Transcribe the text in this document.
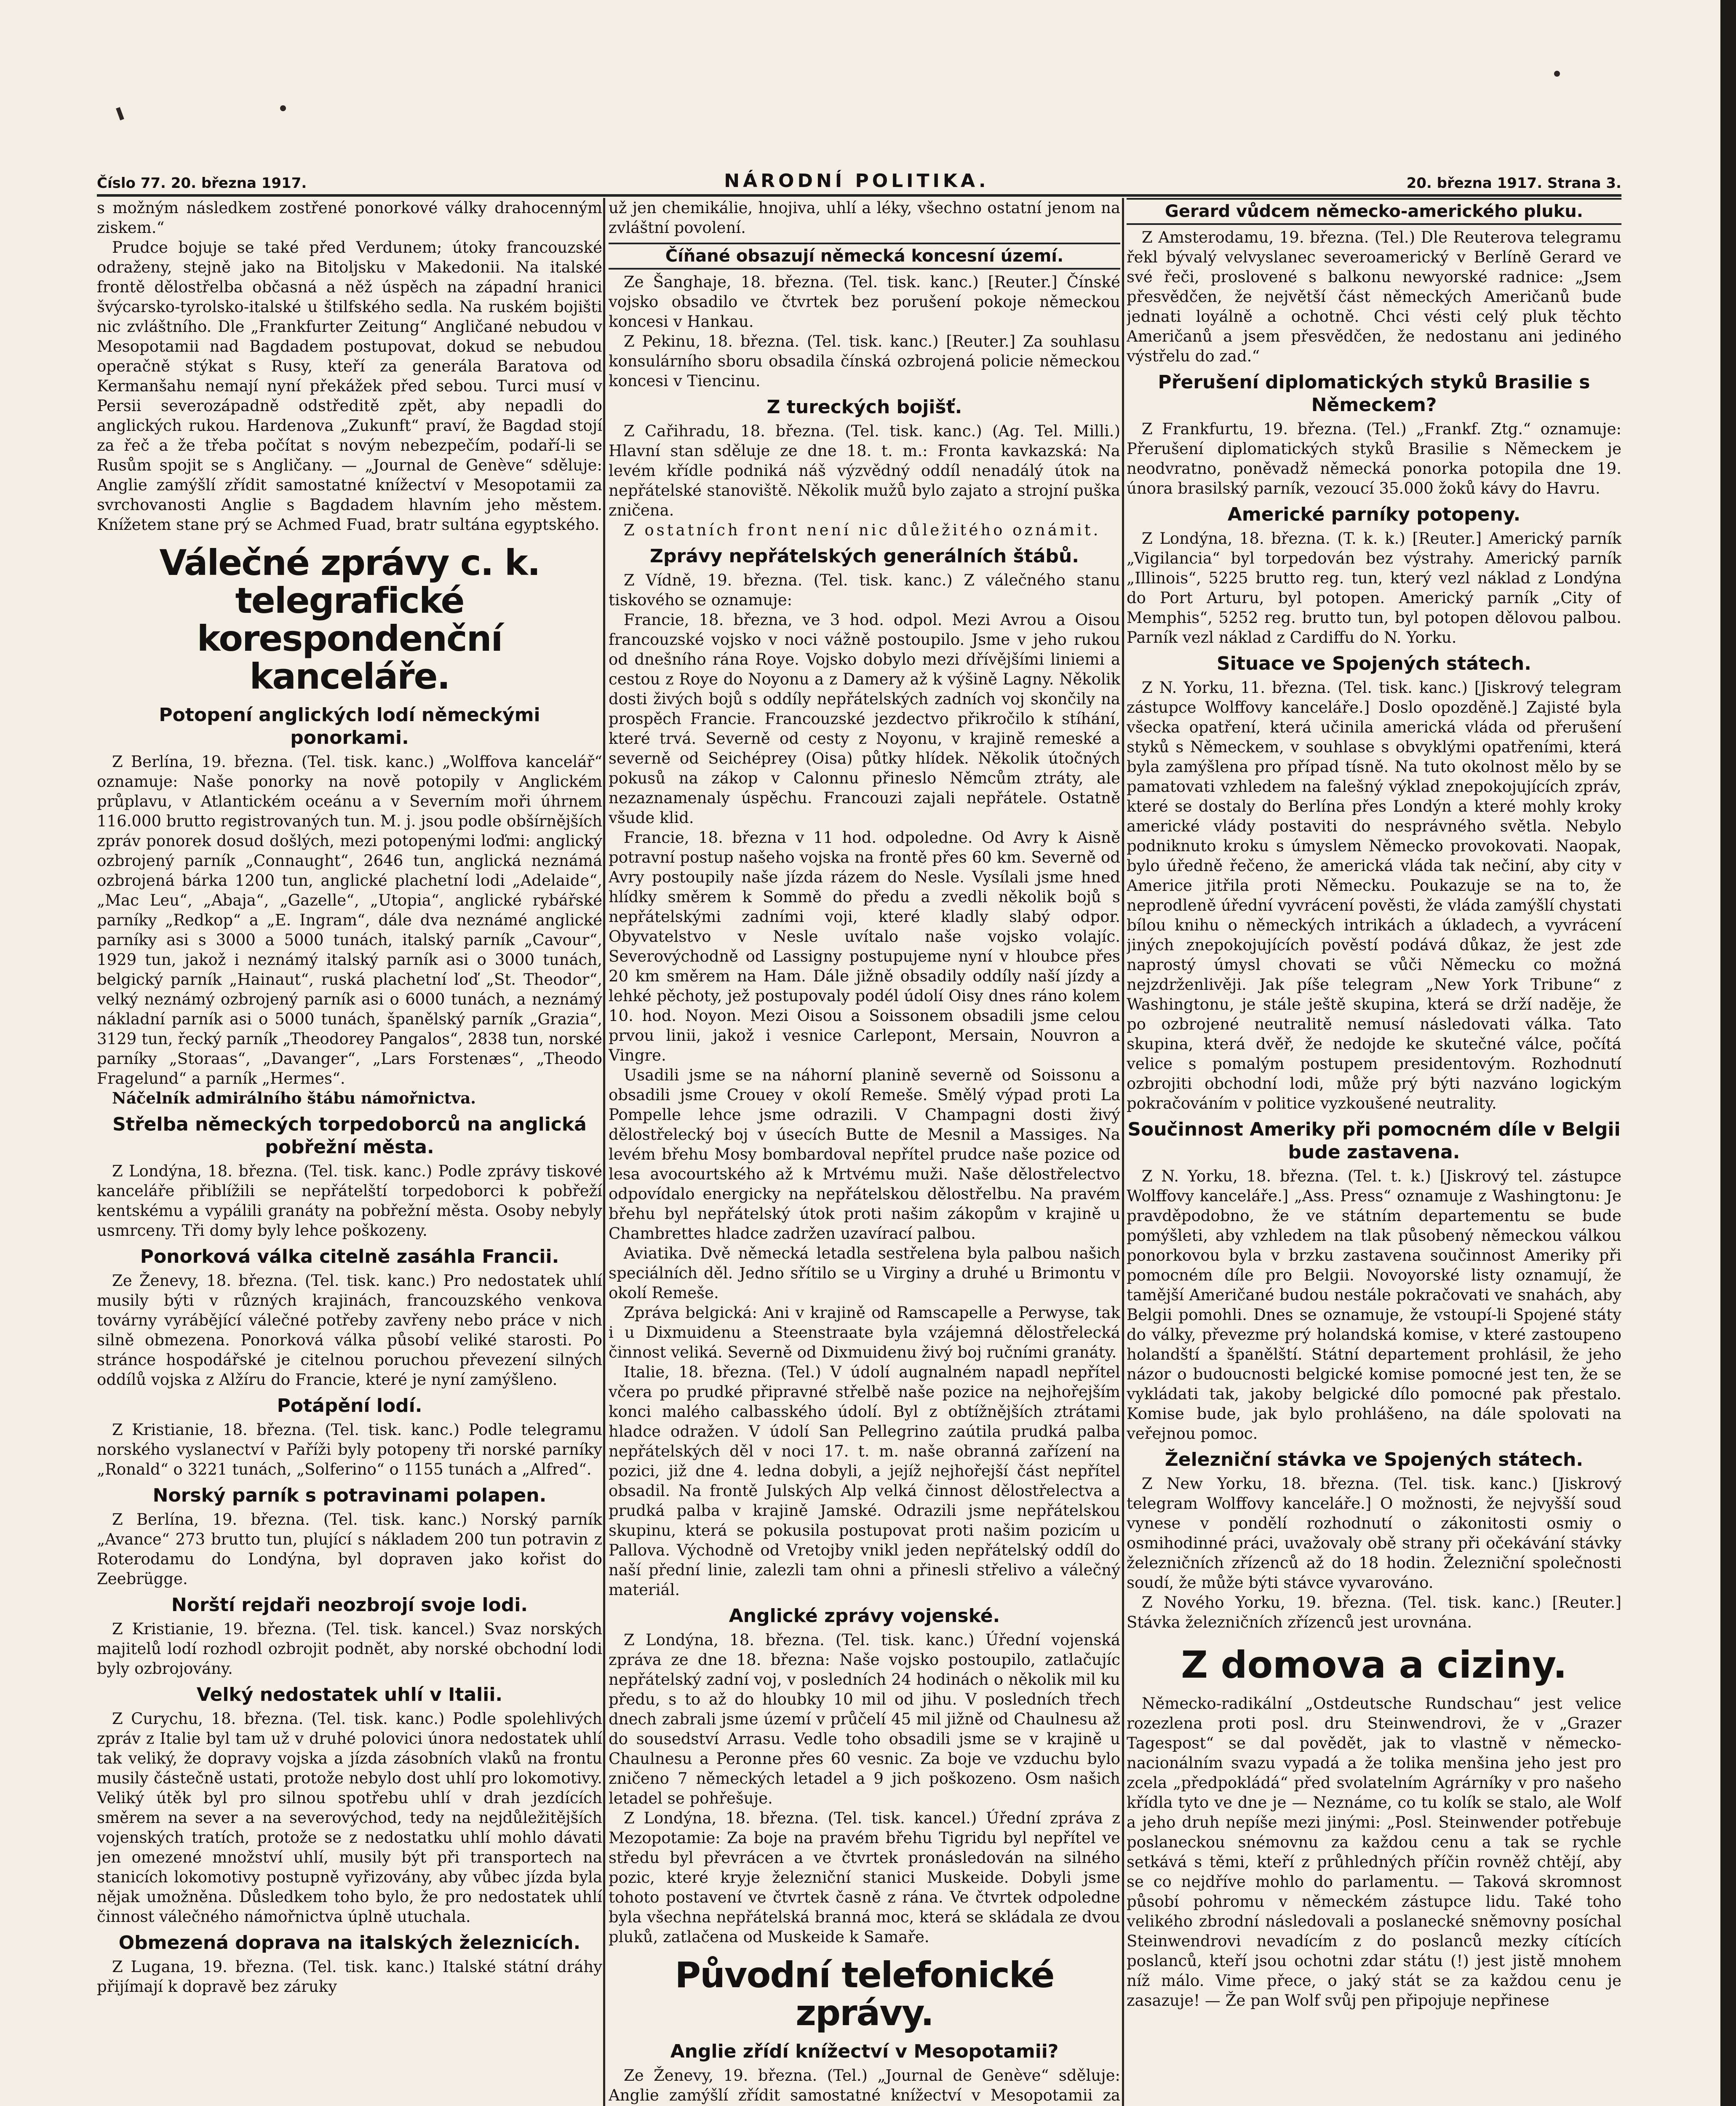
Číslo 77. 20. března 1917.	NÁRODNÍ POLITIKA.	20. března 1917. Strana 3.

s možným následkem zostřené ponorkové války drahocenným ziskem.“

Prudce bojuje se také před Verdunem; útoky francouzské odraženy, stejně jako na Bitoljsku v Makedonii. Na italské frontě dělostřelba občasná a něž úspěch na západní hranici švýcarsko-tyrolsko-italské u štilfského sedla. Na ruském bojišti nic zvláštního. Dle „Frankfurter Zeitung“ Angličané nebudou v Mesopotamii nad Bagdadem postupovat, dokud se nebudou operačně stýkat s Rusy, kteří za generála Baratova od Kermanšahu nemají nyní překážek před sebou. Turci musí v Persii severozápadně odstředitě zpět, aby nepadli do anglických rukou. Hardenova „Zukunft“ praví, že Bagdad stojí za řeč a že třeba počítat s novým nebezpečím, podaří-li se Rusům spojit se s Angličany. — „Journal de Genève“ sděluje: Anglie zamýšlí zřídit samostatné knížectví v Mesopotamii za svrchovanosti Anglie s Bagdadem hlavním jeho městem. Knížetem stane prý se Achmed Fuad, bratr sultána egyptského.

Válečné zprávy c. k. telegrafické korespondenční kanceláře.
Potopení anglických lodí německými ponorkami.

Z Berlína, 19. března. (Tel. tisk. kanc.) „Wolffova kancelář“ oznamuje: Naše ponorky na nově potopily v Anglickém průplavu, v Atlantickém oceánu a v Severním moři úhrnem 116.000 brutto registrovaných tun. M. j. jsou podle obšírnějších zpráv ponorek dosud došlých, mezi potopenými loďmi: anglický ozbrojený parník „Connaught“, 2646 tun, anglická neznámá ozbrojená bárka 1200 tun, anglické plachetní lodi „Adelaide“, „Mac Leu“, „Abaja“, „Gazelle“, „Utopia“, anglické rybářské parníky „Redkop“ a „E. Ingram“, dále dva neznámé anglické parníky asi s 3000 a 5000 tunách, italský parník „Cavour“, 1929 tun, jakož i neznámý italský parník asi o 3000 tunách, belgický parník „Hainaut“, ruská plachetní loď „St. Theodor“, velký neznámý ozbrojený parník asi o 6000 tunách, a neznámý nákladní parník asi o 5000 tunách, španělský parník „Grazia“, 3129 tun, řecký parník „Theodorey Pangalos“, 2838 tun, norské parníky „Storaas“, „Davanger“, „Lars Forstenæs“, „Theodo Fragelund“ a parník „Hermes“.

Náčelník admirálního štábu námořnictva.

Střelba německých torpedoborců na anglická pobřežní města.

Z Londýna, 18. března. (Tel. tisk. kanc.) Podle zprávy tiskové kanceláře přiblížili se nepřátelští torpedoborci k pobřeží kentskému a vypálili granáty na pobřežní města. Osoby nebyly usmrceny. Tři domy byly lehce poškozeny.

Ponorková válka citelně zasáhla Francii.

Ze Ženevy, 18. března. (Tel. tisk. kanc.) Pro nedostatek uhlí musily býti v různých krajinách, francouzského venkova továrny vyrábějící válečné potřeby zavřeny nebo práce v nich silně obmezena. Ponorková válka působí veliké starosti. Po stránce hospodářské je citelnou poruchou převezení silných oddílů vojska z Alžíru do Francie, které je nyní zamýšleno.

Potápění lodí.

Z Kristianie, 18. března. (Tel. tisk. kanc.) Podle telegramu norského vyslanectví v Paříži byly potopeny tři norské parníky „Ronald“ o 3221 tunách, „Solferino“ o 1155 tunách a „Alfred“.

Norský parník s potravinami polapen.

Z Berlína, 19. března. (Tel. tisk. kanc.) Norský parník „Avance“ 273 brutto tun, plující s nákladem 200 tun potravin z Roterodamu do Londýna, byl dopraven jako kořist do Zeebrügge.

Norští rejdaři neozbrojí svoje lodi.

Z Kristianie, 19. března. (Tel. tisk. kancel.) Svaz norských majitelů lodí rozhodl ozbrojit podnět, aby norské obchodní lodi byly ozbrojovány.

Velký nedostatek uhlí v Italii.

Z Curychu, 18. března. (Tel. tisk. kanc.) Podle spolehlivých zpráv z Italie byl tam už v druhé polovici února nedostatek uhlí tak veliký, že dopravy vojska a jízda zásobních vlaků na frontu musily částečně ustati, protože nebylo dost uhlí pro lokomotivy. Veliký útěk byl pro silnou spotřebu uhlí v drah jezdících směrem na sever a na severovýchod, tedy na nejdůležitějších vojenských tratích, protože se z nedostatku uhlí mohlo dávati jen omezené množství uhlí, musily být při transportech na stanicích lokomotivy postupně vyřizovány, aby vůbec jízda byla nějak umožněna. Důsledkem toho bylo, že pro nedostatek uhlí činnost válečného námořnictva úplně utuchala.

Obmezená doprava na italských železnicích.

Z Lugana, 19. března. (Tel. tisk. kanc.) Italské státní dráhy přijímají k dopravě bez záruky

už jen chemikálie, hnojiva, uhlí a léky, všechno ostatní jenom na zvláštní povolení.

Číňané obsazují německá koncesní území.

Ze Šanghaje, 18. března. (Tel. tisk. kanc.) [Reuter.] Čínské vojsko obsadilo ve čtvrtek bez porušení pokoje německou koncesi v Hankau.

Z Pekinu, 18. března. (Tel. tisk. kanc.) [Reuter.] Za souhlasu konsulárního sboru obsadila čínská ozbrojená policie německou koncesi v Tiencinu.

Z tureckých bojišť.

Z Cařihradu, 18. března. (Tel. tisk. kanc.) (Ag. Tel. Milli.) Hlavní stan sděluje ze dne 18. t. m.: Fronta kavkazská: Na levém křídle podniká náš výzvědný oddíl nenadálý útok na nepřátelské stanoviště. Několik mužů bylo zajato a strojní puška zničena.

Z ostatních front není nic důležitého oznámit.

Zprávy nepřátelských generálních štábů.

Z Vídně, 19. března. (Tel. tisk. kanc.) Z válečného stanu tiskového se oznamuje:

Francie, 18. března, ve 3 hod. odpol. Mezi Avrou a Oisou francouzské vojsko v noci vážně postoupilo. Jsme v jeho rukou od dnešního rána Roye. Vojsko dobylo mezi dřívějšími liniemi a cestou z Roye do Noyonu a z Damery až k výšině Lagny. Několik dosti živých bojů s oddíly nepřátelských zadních voj skončily na prospěch Francie. Francouzské jezdectvo přikročilo k stíhání, které trvá. Severně od cesty z Noyonu, v krajině remeské a severně od Seichéprey (Oisa) půtky hlídek. Několik útočných pokusů na zákop v Calonnu přineslo Němcům ztráty, ale nezaznamenaly úspěchu. Francouzi zajali nepřátele. Ostatně všude klid.

Francie, 18. března v 11 hod. odpoledne. Od Avry k Aisně potravní postup našeho vojska na frontě přes 60 km. Severně od Avry postoupily naše jízda rázem do Nesle. Vysílali jsme hned hlídky směrem k Sommě do předu a zvedli několik bojů s nepřátelskými zadními voji, které kladly slabý odpor. Obyvatelstvo v Nesle uvítalo naše vojsko volajíc. Severovýchodně od Lassigny postupujeme nyní v hloubce přes 20 km směrem na Ham. Dále jižně obsadily oddíly naší jízdy a lehké pěchoty, jež postupovaly podél údolí Oisy dnes ráno kolem 10. hod. Noyon. Mezi Oisou a Soissonem obsadili jsme celou prvou linii, jakož i vesnice Carlepont, Mersain, Nouvron a Vingre.

Usadili jsme se na náhorní planině severně od Soissonu a obsadili jsme Crouey v okolí Remeše. Smělý výpad proti La Pompelle lehce jsme odrazili. V Champagni dosti živý dělostřelecký boj v úsecích Butte de Mesnil a Massiges. Na levém břehu Mosy bombardoval nepřítel prudce naše pozice od lesa avocourtského až k Mrtvému muži. Naše dělostřelectvo odpovídalo energicky na nepřátelskou dělostřelbu. Na pravém břehu byl nepřátelský útok proti našim zákopům v krajině u Chambrettes hladce zadržen uzavírací palbou.

Aviatika. Dvě německá letadla sestřelena byla palbou našich speciálních děl. Jedno sřítilo se u Virginy a druhé u Brimontu v okolí Remeše.

Zpráva belgická: Ani v krajině od Ramscapelle a Perwyse, tak i u Dixmuidenu a Steenstraate byla vzájemná dělostřelecká činnost veliká. Severně od Dixmuidenu živý boj ručními granáty.

Italie, 18. března. (Tel.) V údolí augnalném napadl nepřítel včera po prudké připravné střelbě naše pozice na nejhořejším konci malého calbasského údolí. Byl z obtížnějších ztrátami hladce odražen. V údolí San Pellegrino zaútila prudká palba nepřátelských děl v noci 17. t. m. naše obranná zařízení na pozici, již dne 4. ledna dobyli, a jejíž nejhořejší část nepřítel obsadil. Na frontě Julských Alp velká činnost dělostřelectva a prudká palba v krajině Jamské. Odrazili jsme nepřátelskou skupinu, která se pokusila postupovat proti našim pozicím u Pallova. Východně od Vretojby vnikl jeden nepřátelský oddíl do naší přední linie, zalezli tam ohni a přinesli střelivo a válečný materiál.

Anglické zprávy vojenské.

Z Londýna, 18. března. (Tel. tisk. kanc.) Úřední vojenská zpráva ze dne 18. března: Naše vojsko postoupilo, zatlačujíc nepřátelský zadní voj, v posledních 24 hodinách o několik mil ku předu, s to až do hloubky 10 mil od jihu. V posledních třech dnech zabrali jsme území v průčelí 45 mil jižně od Chaulnesu až do sousedství Arrasu. Vedle toho obsadili jsme se v krajině u Chaulnesu a Peronne přes 60 vesnic. Za boje ve vzduchu bylo zničeno 7 německých letadel a 9 jich poškozeno. Osm našich letadel se pohřešuje.

Z Londýna, 18. března. (Tel. tisk. kancel.) Úřední zpráva z Mezopotamie: Za boje na pravém břehu Tigridu byl nepřítel ve středu byl převrácen a ve čtvrtek pronásledován na silného pozic, které kryje železniční stanici Muskeide. Dobyli jsme tohoto postavení ve čtvrtek časně z rána. Ve čtvrtek odpoledne byla všechna nepřátelská branná moc, která se skládala ze dvou pluků, zatlačena od Muskeide k Samaře.

Původní telefonické zprávy.
Anglie zřídí knížectví v Mesopotamii?

Ze Ženevy, 19. března. (Tel.) „Journal de Genève“ sděluje: Anglie zamýšlí zřídit samostatné knížectví v Mesopotamii za

Gerard vůdcem německo-amerického pluku.

Z Amsterodamu, 19. března. (Tel.) Dle Reuterova telegramu řekl bývalý velvyslanec severoamerický v Berlíně Gerard ve své řeči, proslovené s balkonu newyorské radnice: „Jsem přesvědčen, že největší část německých Američanů bude jednati loyálně a ochotně. Chci vésti celý pluk těchto Američanů a jsem přesvědčen, že nedostanu ani jediného výstřelu do zad.“

Přerušení diplomatických styků Brasilie s Německem?

Z Frankfurtu, 19. března. (Tel.) „Frankf. Ztg.“ oznamuje: Přerušení diplomatických styků Brasilie s Německem je neodvratno, poněvadž německá ponorka potopila dne 19. února brasilský parník, vezoucí 35.000 žoků kávy do Havru.

Americké parníky potopeny.

Z Londýna, 18. března. (T. k. k.) [Reuter.] Americký parník „Vigilancia“ byl torpedován bez výstrahy. Americký parník „Illinois“, 5225 brutto reg. tun, který vezl náklad z Londýna do Port Arturu, byl potopen. Americký parník „City of Memphis“, 5252 reg. brutto tun, byl potopen dělovou palbou. Parník vezl náklad z Cardiffu do N. Yorku.

Situace ve Spojených státech.

Z N. Yorku, 11. března. (Tel. tisk. kanc.) [Jiskrový telegram zástupce Wolffovy kanceláře.] Doslo opozděně.] Zajisté byla všecka opatření, která učinila americká vláda od přerušení styků s Německem, v souhlase s obvyklými opatřeními, která byla zamýšlena pro případ tísně. Na tuto okolnost mělo by se pamatovati vzhledem na falešný výklad znepokojujících zpráv, které se dostaly do Berlína přes Londýn a které mohly kroky americké vlády postaviti do nesprávného světla. Nebylo podniknuto kroku s úmyslem Německo provokovati. Naopak, bylo úředně řečeno, že americká vláda tak nečiní, aby city v Americe jitřila proti Německu. Poukazuje se na to, že neprodleně úřední vyvrácení pověsti, že vláda zamýšlí chystati bílou knihu o německých intrikách a úkladech, a vyvrácení jiných znepokojujících pověstí podává důkaz, že jest zde naprostý úmysl chovati se vůči Německu co možná nejzdrženlivěji. Jak píše telegram „New York Tribune“ z Washingtonu, je stále ještě skupina, která se drží naděje, že po ozbrojené neutralitě nemusí následovati válka. Tato skupina, která dvěř, že nedojde ke skutečné válce, počítá velice s pomalým postupem presidentovým. Rozhodnutí ozbrojiti obchodní lodi, může prý býti nazváno logickým pokračováním v politice vyzkoušené neutrality.

Součinnost Ameriky při pomocném díle v Belgii bude zastavena.

Z N. Yorku, 18. března. (Tel. t. k.) [Jiskrový tel. zástupce Wolffovy kanceláře.] „Ass. Press“ oznamuje z Washingtonu: Je pravděpodobno, že ve státním departementu se bude pomýšleti, aby vzhledem na tlak působený německou válkou ponorkovou byla v brzku zastavena součinnost Ameriky při pomocném díle pro Belgii. Novoyorské listy oznamují, že tamější Američané budou nestále pokračovati ve snahách, aby Belgii pomohli. Dnes se oznamuje, že vstoupí-li Spojené státy do války, převezme prý holandská komise, v které zastoupeno holandští a španělští. Státní departement prohlásil, že jeho názor o budoucnosti belgické komise pomocné jest ten, že se vykládati tak, jakoby belgické dílo pomocné pak přestalo. Komise bude, jak bylo prohlášeno, na dále spolovati na veřejnou pomoc.

Železniční stávka ve Spojených státech.

Z New Yorku, 18. března. (Tel. tisk. kanc.) [Jiskrový telegram Wolffovy kanceláře.] O možnosti, že nejvyšší soud vynese v pondělí rozhodnutí o zákonitosti osmiy o osmihodinné práci, uvažovaly obě strany při očekávání stávky železničních zřízenců až do 18 hodin. Železniční společnosti soudí, že může býti stávce vyvarováno.

Z Nového Yorku, 19. března. (Tel. tisk. kanc.) [Reuter.] Stávka železničních zřízenců jest urovnána.

Z domova a ciziny.

Německo-radikální „Ostdeutsche Rundschau“ jest velice rozezlena proti posl. dru Steinwendrovi, že v „Grazer Tagespost“ se dal povědět, jak to vlastně v německo-nacionálním svazu vypadá a že tolika menšina jeho jest pro zcela „předpokládá“ před svolatelním Agrárníky v pro našeho křídla tyto ve dne je — Neznáme, co tu kolík se stalo, ale Wolf a jeho druh nepíše mezi jinými: „Posl. Steinwender potřebuje poslaneckou snémovnu za každou cenu a tak se rychle setkává s těmi, kteří z průhledných příčin rovněž chtějí, aby se co nejdříve mohlo do parlamentu. — Taková skromnost působí pohromu v německém zástupce lidu. Také toho velikého zbrodní následovali a poslanecké sněmovny posíchal Steinwendrovi nevadícím z do poslanců mezky cítících poslanců, kteří jsou ochotni zdar státu (!) jest jistě mnohem níž málo. Vime přece, o jaký stát se za každou cenu je zasazuje! — Že pan Wolf svůj pen připojuje nepřinese
